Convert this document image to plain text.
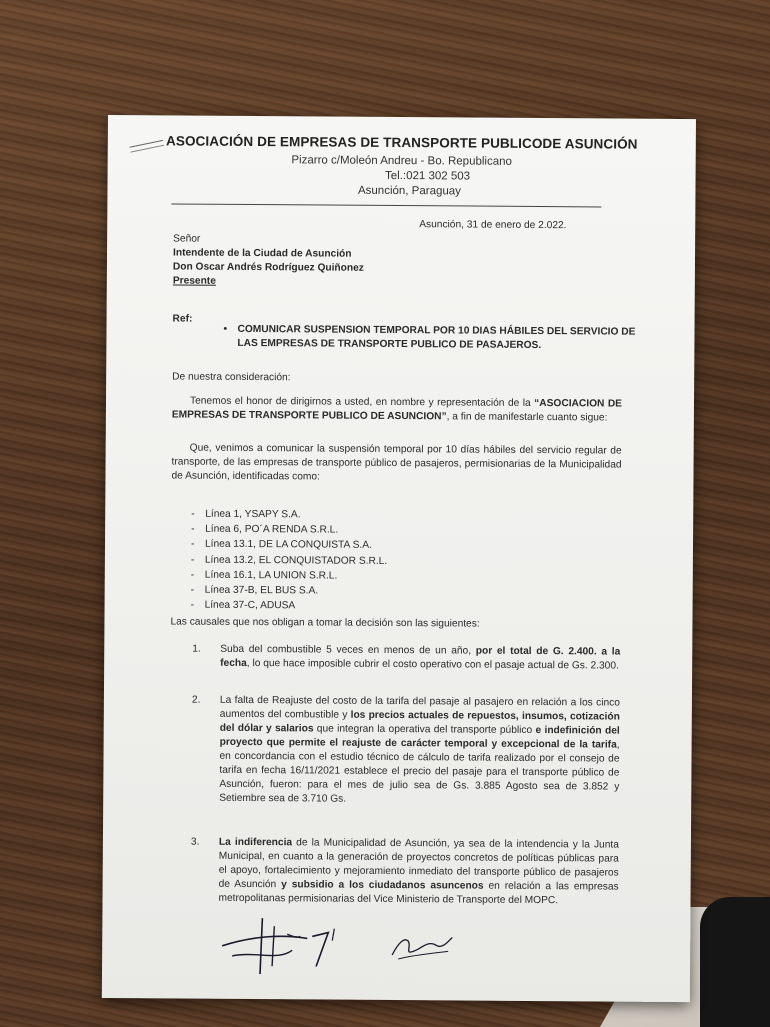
ASOCIACIÓN DE EMPRESAS DE TRANSPORTE PUBLICODE ASUNCIÓN
Pizarro c/Moleón Andreu - Bo. Republicano
Tel.:021 302 503
Asunción, Paraguay
Asunción, 31 de enero de 2.022.
Señor
Intendente de la Ciudad de Asunción
Don Oscar Andrés Rodríguez Quiñonez
Presente
Ref:
• COMUNICAR SUSPENSION TEMPORAL POR 10 DIAS HÁBILES DEL SERVICIO DE LAS EMPRESAS DE TRANSPORTE PUBLICO DE PASAJEROS.
De nuestra consideración:
Tenemos el honor de dirigirnos a usted, en nombre y representación de la “ASOCIACION DE EMPRESAS DE TRANSPORTE PUBLICO DE ASUNCION”, a fin de manifestarle cuanto sigue:
Que, venimos a comunicar la suspensión temporal por 10 días hábiles del servicio regular de transporte, de las empresas de transporte público de pasajeros, permisionarias de la Municipalidad de Asunción, identificadas como:
- Línea 1, YSAPY S.A.
- Línea 6, PO´A RENDA S.R.L.
- Línea 13.1, DE LA CONQUISTA S.A.
- Línea 13.2, EL CONQUISTADOR S.R.L.
- Línea 16.1, LA UNION S.R.L.
- Línea 37-B, EL BUS S.A.
- Línea 37-C, ADUSA
Las causales que nos obligan a tomar la decisión son las siguientes:
1. Suba del combustible 5 veces en menos de un año, por el total de G. 2.400. a la fecha, lo que hace imposible cubrir el costo operativo con el pasaje actual de Gs. 2.300.
2. La falta de Reajuste del costo de la tarifa del pasaje al pasajero en relación a los cinco aumentos del combustible y los precios actuales de repuestos, insumos, cotización del dólar y salarios que integran la operativa del transporte público e indefinición del proyecto que permite el reajuste de carácter temporal y excepcional de la tarifa, en concordancia con el estudio técnico de cálculo de tarifa realizado por el consejo de tarifa en fecha 16/11/2021 establece el precio del pasaje para el transporte público de Asunción, fueron: para el mes de julio sea de Gs. 3.885 Agosto sea de 3.852 y Setiembre sea de 3.710 Gs.
3. La indiferencia de la Municipalidad de Asunción, ya sea de la intendencia y la Junta Municipal, en cuanto a la generación de proyectos concretos de políticas públicas para el apoyo, fortalecimiento y mejoramiento inmediato del transporte público de pasajeros de Asunción y subsidio a los ciudadanos asuncenos en relación a las empresas metropolitanas permisionarias del Vice Ministerio de Transporte del MOPC.
